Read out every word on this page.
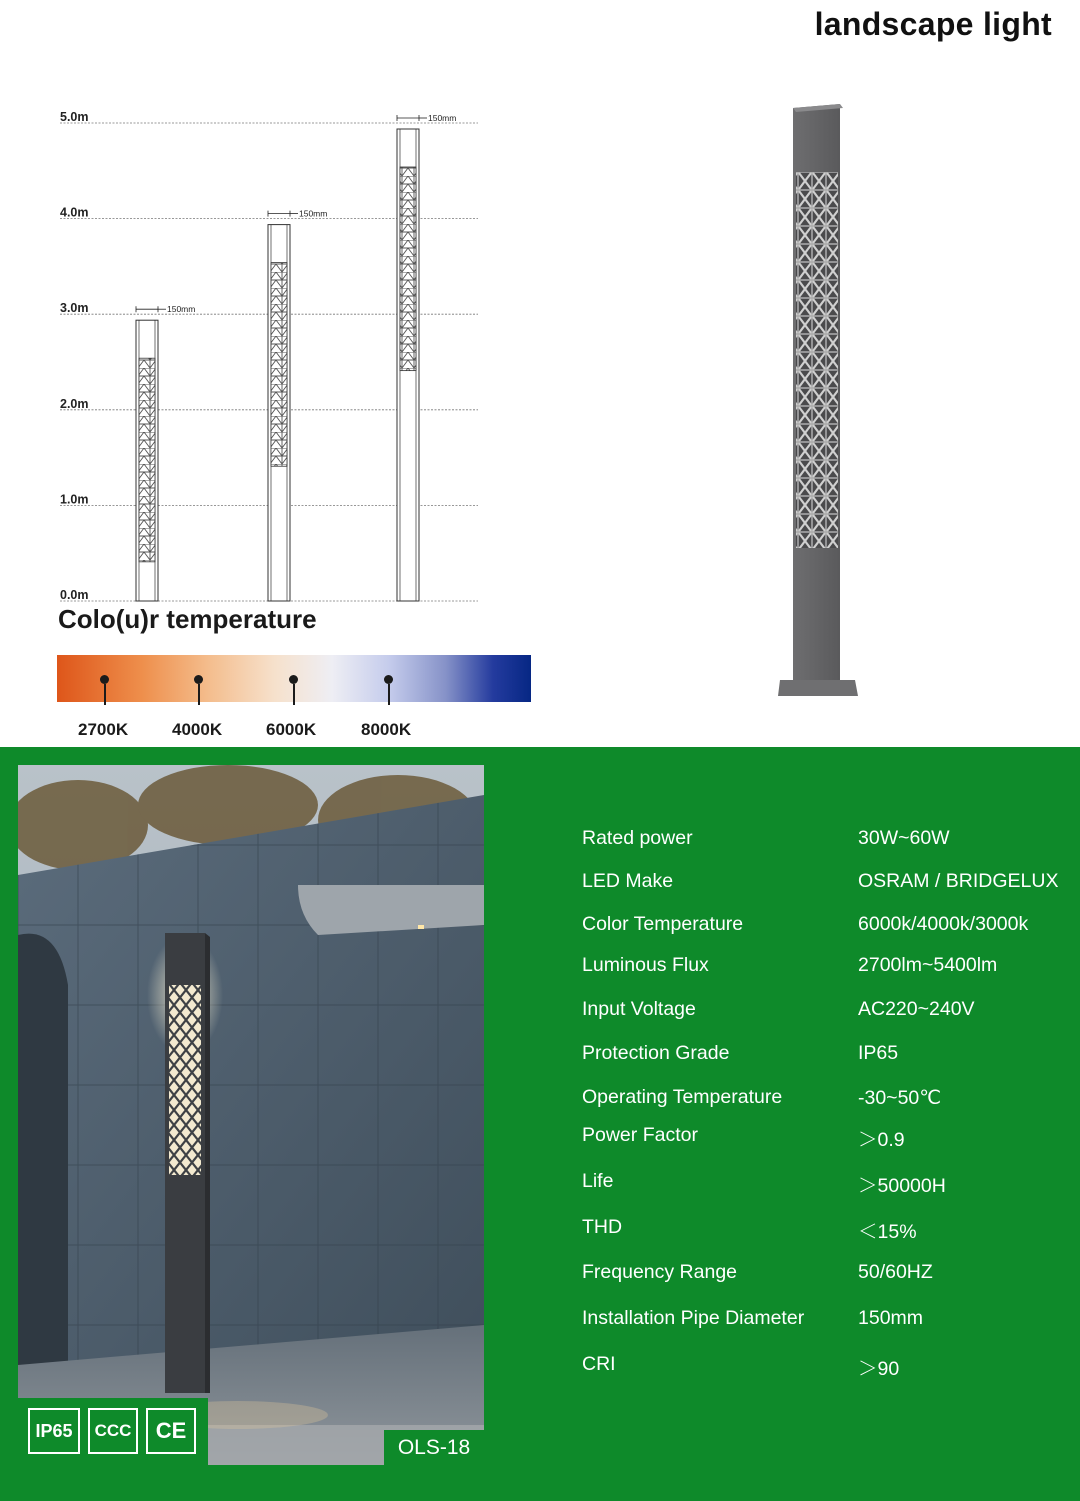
landscape light
0.0m
1.0m
2.0m
3.0m
4.0m
5.0m
150mm
150mm
150mm
Colo(u)r temperature
2700K	4000K	6000K	8000K
IP65	CCC	CE
OLS-18
Rated power	30W~60W
LED Make	OSRAM / BRIDGELUX
Color Temperature	6000k/4000k/3000k
Luminous Flux	2700lm~5400lm
Input Voltage	AC220~240V
Protection Grade	IP65
Operating Temperature	-30~50℃
Power Factor	＞0.9
Life	＞50000H
THD	＜15%
Frequency Range	50/60HZ
Installation Pipe Diameter	150mm
CRI	＞90
